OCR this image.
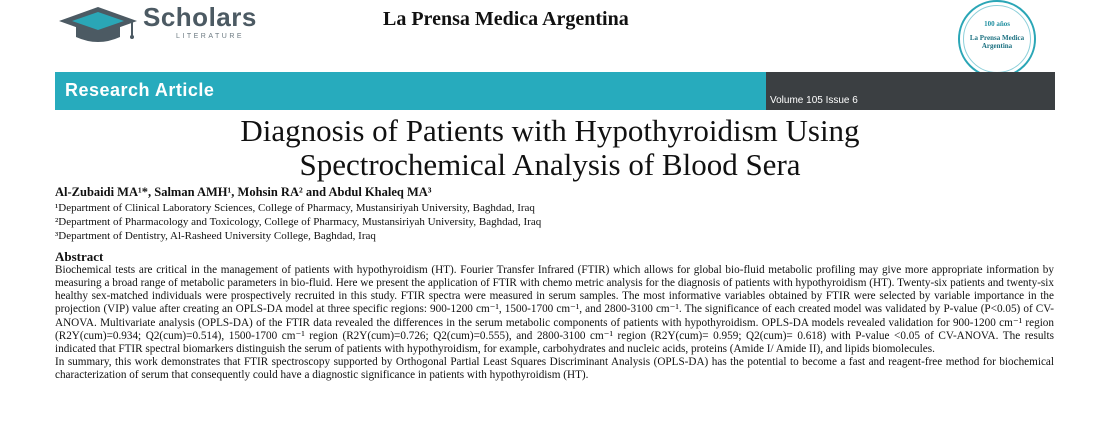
Scholars
LITERATURE
La Prensa Medica Argentina	100 años
La Prensa Medica Argentina
Research Article
Volume 105 Issue 6
Diagnosis of Patients with Hypothyroidism Using
Spectrochemical Analysis of Blood Sera
Al-Zubaidi MA¹*, Salman AMH¹, Mohsin RA² and Abdul Khaleq MA³
¹Department of Clinical Laboratory Sciences, College of Pharmacy, Mustansiriyah University, Baghdad, Iraq
²Department of Pharmacology and Toxicology, College of Pharmacy, Mustansiriyah University, Baghdad, Iraq
³Department of Dentistry, Al-Rasheed University College, Baghdad, Iraq
Abstract

Biochemical tests are critical in the management of patients with hypothyroidism (HT). Fourier Transfer Infrared (FTIR) which allows for global bio-fluid metabolic profiling may give more appropriate information by measuring a broad range of metabolic parameters in bio-fluid. Here we present the application of FTIR with chemo metric analysis for the diagnosis of patients with hypothyroidism (HT). Twenty-six patients and twenty-six healthy sex-matched individuals were prospectively recruited in this study. FTIR spectra were measured in serum samples. The most informative variables obtained by FTIR were selected by variable importance in the projection (VIP) value after creating an OPLS-DA model at three specific regions: 900-1200 cm⁻¹, 1500-1700 cm⁻¹, and 2800-3100 cm⁻¹. The significance of each created model was validated by P-value (P<0.05) of CV-ANOVA. Multivariate analysis (OPLS-DA) of the FTIR data revealed the differences in the serum metabolic components of patients with hypothyroidism. OPLS-DA models revealed validation for 900-1200 cm⁻¹ region (R2Y(cum)=0.934; Q2(cum)=0.514), 1500-1700 cm⁻¹ region (R2Y(cum)=0.726; Q2(cum)=0.555), and 2800-3100 cm⁻¹ region (R2Y(cum)= 0.959; Q2(cum)= 0.618) with P-value <0.05 of CV-ANOVA. The results indicated that FTIR spectral biomarkers distinguish the serum of patients with hypothyroidism, for example, carbohydrates and nucleic acids, proteins (Amide I/ Amide II), and lipids biomolecules.

In summary, this work demonstrates that FTIR spectroscopy supported by Orthogonal Partial Least Squares Discriminant Analysis (OPLS-DA) has the potential to become a fast and reagent-free method for biochemical characterization of serum that consequently could have a diagnostic significance in patients with hypothyroidism (HT).
